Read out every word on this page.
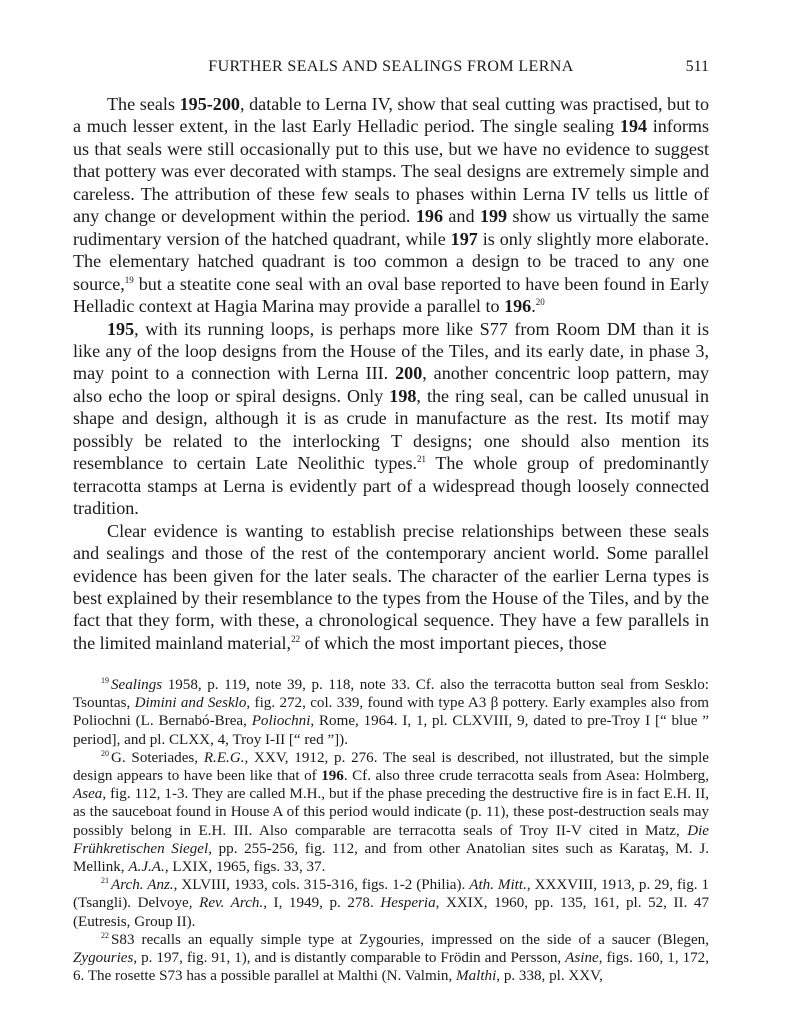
FURTHER SEALS AND SEALINGS FROM LERNA	511

The seals 195-200, datable to Lerna IV, show that seal cutting was practised, but to a much lesser extent, in the last Early Helladic period. The single sealing 194 informs us that seals were still occasionally put to this use, but we have no evidence to suggest that pottery was ever decorated with stamps. The seal designs are extremely simple and careless. The attribution of these few seals to phases within Lerna IV tells us little of any change or development within the period. 196 and 199 show us virtually the same rudimentary version of the hatched quadrant, while 197 is only slightly more elaborate. The elementary hatched quadrant is too common a design to be traced to any one source,$^{19}$ but a steatite cone seal with an oval base reported to have been found in Early Helladic context at Hagia Marina may provide a parallel to 196.20

195, with its running loops, is perhaps more like S77 from Room DM than it is like any of the loop designs from the House of the Tiles, and its early date, in phase 3, may point to a connection with Lerna III. 200, another concentric loop pattern, may also echo the loop or spiral designs. Only 198, the ring seal, can be called unusual in shape and design, although it is as crude in manufacture as the rest. Its motif may possibly be related to the interlocking T designs; one should also mention its resemblance to certain Late Neolithic types.$^{21}$ The whole group of predominantly terracotta stamps at Lerna is evidently part of a widespread though loosely connected tradition.

Clear evidence is wanting to establish precise relationships between these seals and sealings and those of the rest of the contemporary ancient world. Some parallel evidence has been given for the later seals. The character of the earlier Lerna types is best explained by their resemblance to the types from the House of the Tiles, and by the fact that they form, with these, a chronological sequence. They have a few parallels in the limited mainland material,$^{22}$ of which the most important pieces, those

$^{19}$ Sealings 1958, p. 119, note 39, p. 118, note 33. Cf. also the terracotta button seal from Sesklo: Tsountas, Dimini and Sesklo, fig. 272, col. 339, found with type A3 β pottery. Early examples also from Poliochni (L. Bernabó-Brea, Poliochni, Rome, 1964. I, 1, pl. CLXVIII, 9, dated to pre-Troy I [“ blue ” period], and pl. CLXX, 4, Troy I-II [“ red ”]).

$^{20}$ G. Soteriades, R.E.G., XXV, 1912, p. 276. The seal is described, not illustrated, but the simple design appears to have been like that of 196. Cf. also three crude terracotta seals from Asea: Holmberg, Asea, fig. 112, 1-3. They are called M.H., but if the phase preceding the destructive fire is in fact E.H. II, as the sauceboat found in House A of this period would indicate (p. 11), these post-destruction seals may possibly belong in E.H. III. Also comparable are terracotta seals of Troy II-V cited in Matz, Die Frühkretischen Siegel, pp. 255-256, fig. 112, and from other Anatolian sites such as Karataş, M. J. Mellink, A.J.A., LXIX, 1965, figs. 33, 37.

$^{21}$ Arch. Anz., XLVIII, 1933, cols. 315-316, figs. 1-2 (Philia). Ath. Mitt., XXXVIII, 1913, p. 29, fig. 1 (Tsangli). Delvoye, Rev. Arch., I, 1949, p. 278. Hesperia, XXIX, 1960, pp. 135, 161, pl. 52, II. 47 (Eutresis, Group II).

$^{22}$ S83 recalls an equally simple type at Zygouries, impressed on the side of a saucer (Blegen, Zygouries, p. 197, fig. 91, 1), and is distantly comparable to Frödin and Persson, Asine, figs. 160, 1, 172, 6. The rosette S73 has a possible parallel at Malthi (N. Valmin, Malthi, p. 338, pl. XXV,
